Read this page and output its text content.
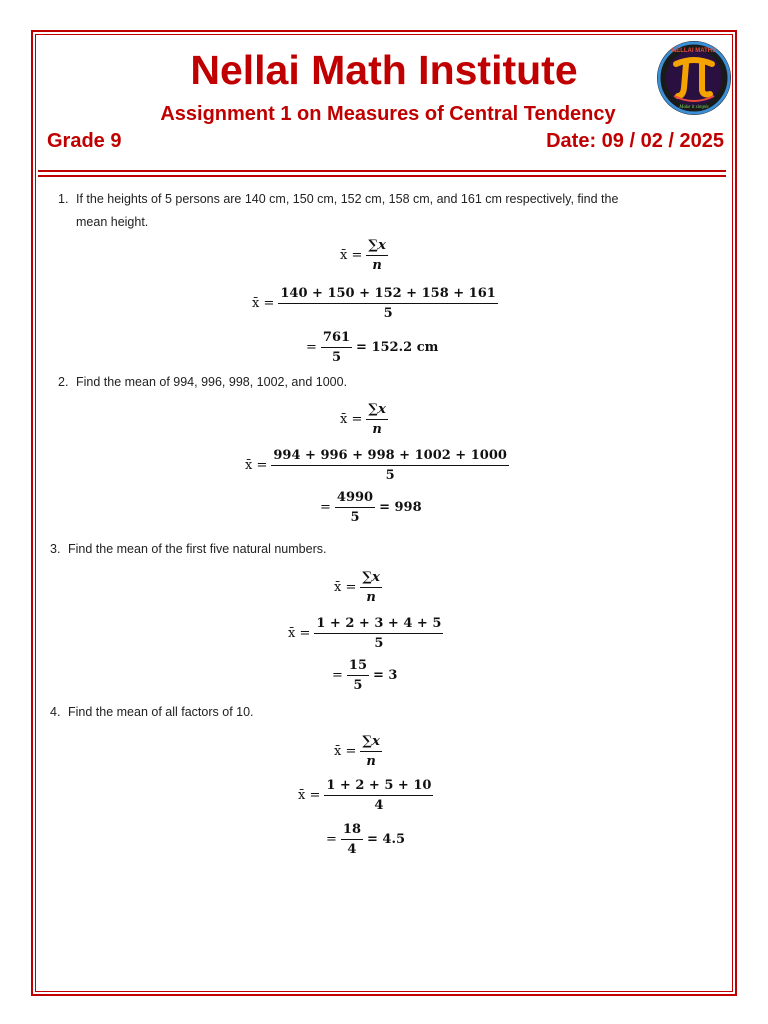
Nellai Math Institute
Assignment 1 on Measures of Central Tendency
Grade 9	Date: 09 / 02 / 2025
NELLAI MATHS
Make it simple
1. If the heights of 5 persons are 140 cm, 150 cm, 152 cm, 158 cm, and 161 cm respectively, find the
mean height.
x̄ = $\frac{\sum x}{n}$
x̄ = $\frac{140 + 150 + 152 + 158 + 161}{5}$
= $\frac{761}{5} = 152.2$ cm
2. Find the mean of 994, 996, 998, 1002, and 1000.
x̄ = $\frac{\sum x}{n}$
x̄ = $\frac{994 + 996 + 998 + 1002 + 1000}{5}$
= $\frac{4990}{5} = 998$
3. Find the mean of the first five natural numbers.
x̄ = $\frac{\sum x}{n}$
x̄ = $\frac{1 + 2 + 3 + 4 + 5}{5}$
= $\frac{15}{5} = 3$
4. Find the mean of all factors of 10.
x̄ = $\frac{\sum x}{n}$
x̄ = $\frac{1 + 2 + 5 + 10}{4}$
= $\frac{18}{4} = 4.5$
